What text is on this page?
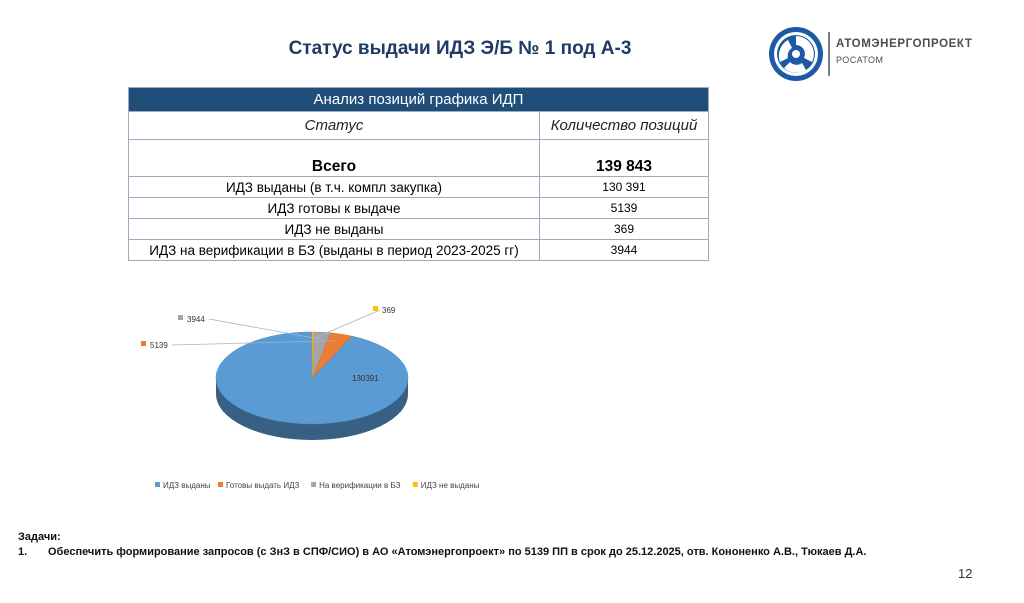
Статус выдачи ИДЗ Э/Б № 1 под А-3	АТОМЭНЕРГОПРОЕКТ
РОСАТОМ
Анализ позиций графика ИДП	
Статус	Количество позиций
Всего	139 843
ИДЗ выданы (в т.ч. компл закупка)	130 391
ИДЗ готовы к выдаче	5139
ИДЗ не выданы	369
ИДЗ на верификации в БЗ (выданы в период 2023-2025 гг)	3944
130391
5139
3944
369
ИДЗ выданы Готовы выдать ИДЗ На верификации в БЗ	ИДЗ не выданы
Задачи:
1. Обеспечить формирование запросов (с ЗнЗ в СПФ/СИО) в АО «Атомэнергопроект» по 5139 ПП в срок до 25.12.2025, отв. Кононенко А.В., Тюкаев Д.А.
12
